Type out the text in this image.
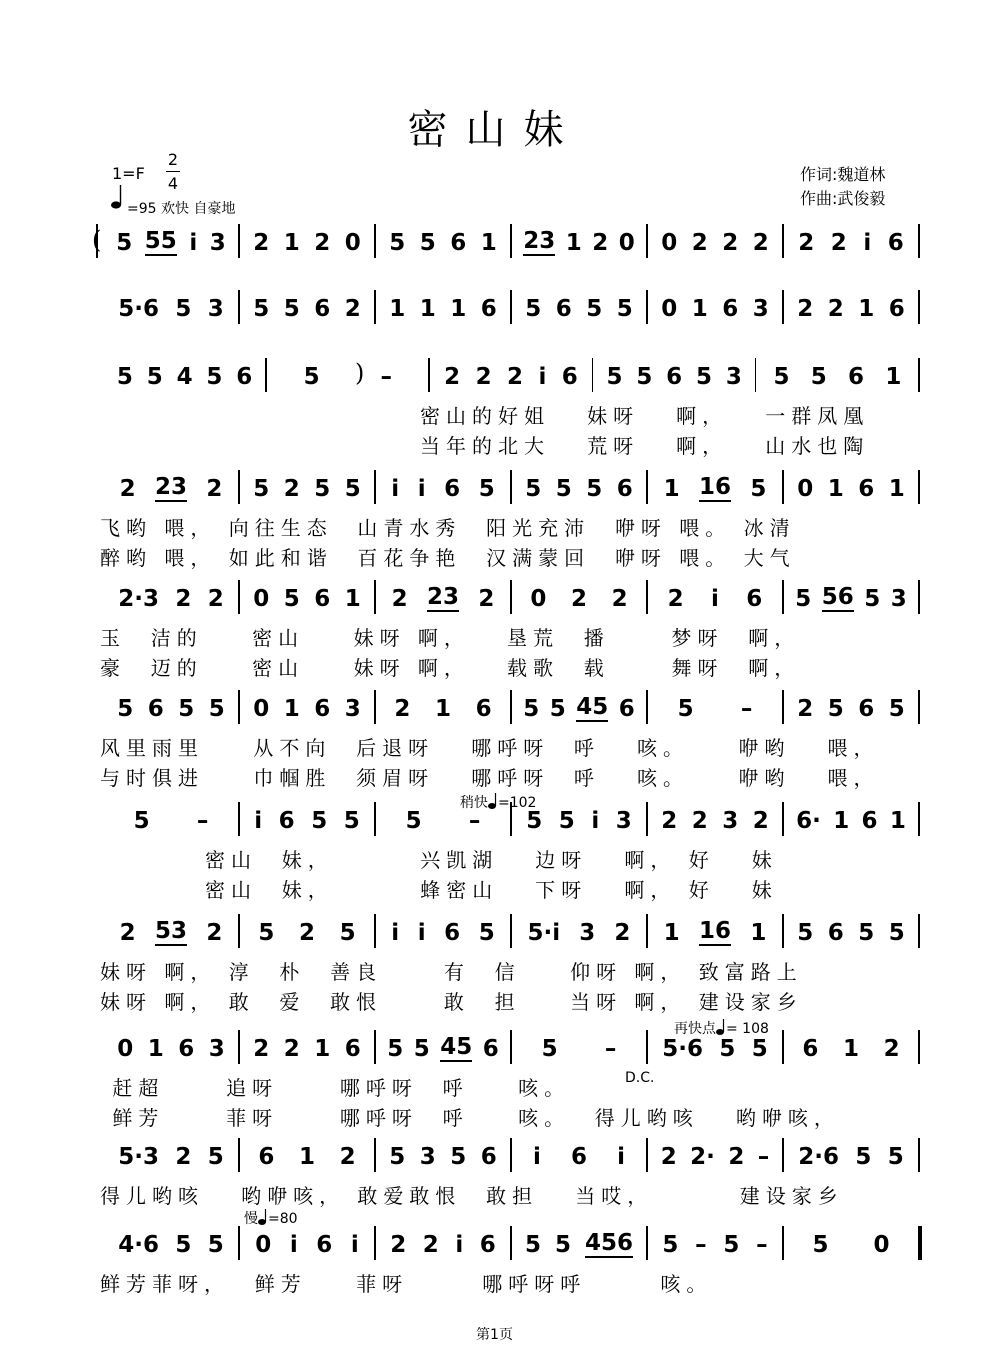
密山妹
1=F
2
4
=95 欢快 自豪地
作词:魏道林
作曲:武俊毅
5 55 i 3 2 1 2 0 5 5 6 1 23 1 2 0 0 2 2 2 2 2 i 6
5·6 5 3 5 5 6 2 1 1 1 6 5 6 5 5 0 1 6 3 2 2 1 6
5 5 4 5 6 5	– 2 2 2 i 6 5 5 6 5 3 5 5 6 1
密山的好姐   妹呀   啊，   一群凤凰
当年的北大   荒呀   啊，   山水也陶
2 23 2 5 2 5 5 i i 6 5 5 5 5 6 1 16 5 0 1 6 1
飞哟 喂， 向往生态  山青水秀  阳光充沛  咿呀 喂。 冰清
醉哟 喂， 如此和谐  百花争艳  汉满蒙回  咿呀 喂。 大气
2·3 2 2 0 5 6 1 2 23 2 0 2 2 2 i 6 5 56 5 3
玉  洁的    密山    妹呀 啊，   垦荒  播     梦呀  啊，
豪  迈的    密山    妹呀 啊，   载歌  载     舞呀  啊，
5 6 5 5 0 1 6 3 2 1 6 5 5 45 6 5 – 2 5 6 5
风里雨里    从不向  后退呀   哪呼呀  呼   咳。    咿哟   喂，
与时俱进    巾帼胜  须眉呀   哪呼呀  呼   咳。    咿哟   喂，
5 – i 6 5 5 5 – 5 5 i 3 2 2 3 2 6· 1 6 1
密山  妹，       兴凯湖   边呀   啊， 好   妹
密山  妹，       蜂密山   下呀   啊， 好   妹
2 53 2 5 2 5 i i 6 5 5·i 3 2 1 16 1 5 6 5 5
妹呀 啊， 淳  朴  善良     有  信    仰呀 啊， 致富路上
妹呀 啊， 敢  爱  敢恨     敢  担    当呀 啊， 建设家乡
0 1 6 3 2 2 1 6 5 5 45 6 5 – 5·6 5 5 6 1 2
赶超     追呀     哪呼呀  呼    咳。
鲜芳     菲呀     哪呼呀  呼    咳。  得儿哟咳   哟咿咳，
5·3 2 5 6 1 2 5 3 5 6 i 6 i 2 2· 2 – 2·6 5 5
得儿哟咳   哟咿咳， 敢爱敢恨  敢担   当哎，       建设家乡
4·6 5 5 0 i 6 i 2 2 i 6 5 5 456 5 – 5 – 5 0
鲜芳菲呀，  鲜芳    菲呀      哪呼呀呼      咳。
(
)
稍快 =102
再快点 = 108
慢 =80
D.C.
第1页
